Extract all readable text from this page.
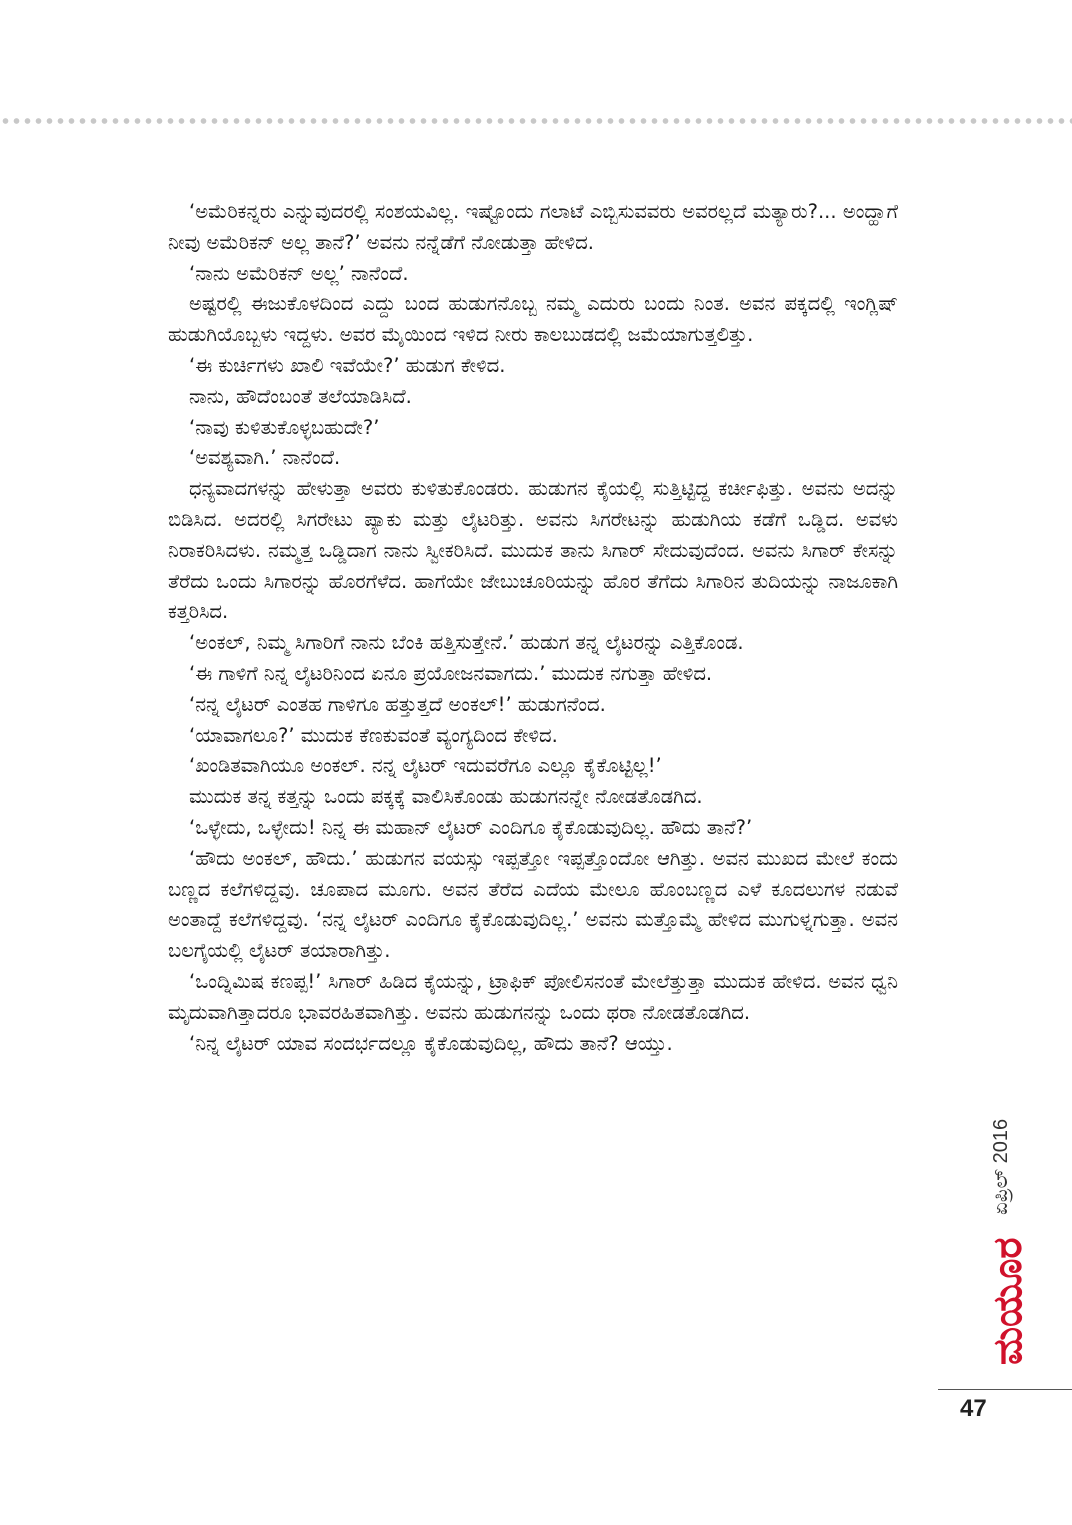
‘ಅಮೆರಿಕನ್ನರು ಎನ್ನುವುದರಲ್ಲಿ ಸಂಶಯವಿಲ್ಲ. ಇಷ್ಟೊಂದು ಗಲಾಟೆ ಎಬ್ಬಿಸುವವರು ಅವರಲ್ಲದೆ ಮತ್ಯಾರು?... ಅಂದ್ಹಾಗೆ ನೀವು ಅಮೆರಿಕನ್ ಅಲ್ಲ ತಾನೆ?’ ಅವನು ನನ್ನೆಡೆಗೆ ನೋಡುತ್ತಾ ಹೇಳಿದ.

‘ನಾನು ಅಮೆರಿಕನ್ ಅಲ್ಲ’ ನಾನೆಂದೆ.

ಅಷ್ಟರಲ್ಲಿ ಈಜುಕೊಳದಿಂದ ಎದ್ದು ಬಂದ ಹುಡುಗನೊಬ್ಬ ನಮ್ಮ ಎದುರು ಬಂದು ನಿಂತ. ಅವನ ಪಕ್ಕದಲ್ಲಿ ಇಂಗ್ಲಿಷ್ ಹುಡುಗಿಯೊಬ್ಬಳು ಇದ್ದಳು. ಅವರ ಮೈಯಿಂದ ಇಳಿದ ನೀರು ಕಾಲಬುಡದಲ್ಲಿ ಜಮೆಯಾಗುತ್ತಲಿತ್ತು.

‘ಈ ಕುರ್ಚಿಗಳು ಖಾಲಿ ಇವೆಯೇ?’ ಹುಡುಗ ಕೇಳಿದ.

ನಾನು, ಹೌದೆಂಬಂತೆ ತಲೆಯಾಡಿಸಿದೆ.

‘ನಾವು ಕುಳಿತುಕೊಳ್ಳಬಹುದೇ?’

‘ಅವಶ್ಯವಾಗಿ.’ ನಾನೆಂದೆ.

ಧನ್ಯವಾದಗಳನ್ನು ಹೇಳುತ್ತಾ ಅವರು ಕುಳಿತುಕೊಂಡರು. ಹುಡುಗನ ಕೈಯಲ್ಲಿ ಸುತ್ತಿಟ್ಟಿದ್ದ ಕರ್ಚೀಫಿತ್ತು. ಅವನು ಅದನ್ನು ಬಿಡಿಸಿದ. ಅದರಲ್ಲಿ ಸಿಗರೇಟು ಪ್ಯಾಕು ಮತ್ತು ಲೈಟರಿತ್ತು. ಅವನು ಸಿಗರೇಟನ್ನು ಹುಡುಗಿಯ ಕಡೆಗೆ ಒಡ್ಡಿದ. ಅವಳು ನಿರಾಕರಿಸಿದಳು. ನಮ್ಮತ್ತ ಒಡ್ಡಿದಾಗ ನಾನು ಸ್ವೀಕರಿಸಿದೆ. ಮುದುಕ ತಾನು ಸಿಗಾರ್ ಸೇದುವುದೆಂದ. ಅವನು ಸಿಗಾರ್ ಕೇಸನ್ನು ತೆರೆದು ಒಂದು ಸಿಗಾರನ್ನು ಹೊರಗೆಳೆದ. ಹಾಗೆಯೇ ಜೇಬುಚೂರಿಯನ್ನು ಹೊರ ತೆಗೆದು ಸಿಗಾರಿನ ತುದಿಯನ್ನು ನಾಜೂಕಾಗಿ ಕತ್ತರಿಸಿದ.

‘ಅಂಕಲ್, ನಿಮ್ಮ ಸಿಗಾರಿಗೆ ನಾನು ಬೆಂಕಿ ಹತ್ತಿಸುತ್ತೇನೆ.’ ಹುಡುಗ ತನ್ನ ಲೈಟರನ್ನು ಎತ್ತಿಕೊಂಡ.

‘ಈ ಗಾಳಿಗೆ ನಿನ್ನ ಲೈಟರಿನಿಂದ ಏನೂ ಪ್ರಯೋಜನವಾಗದು.’ ಮುದುಕ ನಗುತ್ತಾ ಹೇಳಿದ.

‘ನನ್ನ ಲೈಟರ್ ಎಂತಹ ಗಾಳಿಗೂ ಹತ್ತುತ್ತದೆ ಅಂಕಲ್!’ ಹುಡುಗನೆಂದ.

‘ಯಾವಾಗಲೂ?’ ಮುದುಕ ಕೆಣಕುವಂತೆ ವ್ಯಂಗ್ಯದಿಂದ ಕೇಳಿದ.

‘ಖಂಡಿತವಾಗಿಯೂ ಅಂಕಲ್. ನನ್ನ ಲೈಟರ್ ಇದುವರೆಗೂ ಎಲ್ಲೂ ಕೈಕೊಟ್ಟಿಲ್ಲ!’

ಮುದುಕ ತನ್ನ ಕತ್ತನ್ನು ಒಂದು ಪಕ್ಕಕ್ಕೆ ವಾಲಿಸಿಕೊಂಡು ಹುಡುಗನನ್ನೇ ನೋಡತೊಡಗಿದ.

‘ಒಳ್ಳೇದು, ಒಳ್ಳೇದು! ನಿನ್ನ ಈ ಮಹಾನ್ ಲೈಟರ್ ಎಂದಿಗೂ ಕೈಕೊಡುವುದಿಲ್ಲ. ಹೌದು ತಾನೆ?’

‘ಹೌದು ಅಂಕಲ್, ಹೌದು.’ ಹುಡುಗನ ವಯಸ್ಸು ಇಪ್ಪತ್ತೋ ಇಪ್ಪತ್ತೊಂದೋ ಆಗಿತ್ತು. ಅವನ ಮುಖದ ಮೇಲೆ ಕಂದು ಬಣ್ಣದ ಕಲೆಗಳಿದ್ದವು. ಚೂಪಾದ ಮೂಗು. ಅವನ ತೆರೆದ ಎದೆಯ ಮೇಲೂ ಹೊಂಬಣ್ಣದ ಎಳೆ ಕೂದಲುಗಳ ನಡುವೆ ಅಂತಾದ್ದೆ ಕಲೆಗಳಿದ್ದವು. ‘ನನ್ನ ಲೈಟರ್ ಎಂದಿಗೂ ಕೈಕೊಡುವುದಿಲ್ಲ.’ ಅವನು ಮತ್ತೊಮ್ಮೆ ಹೇಳಿದ ಮುಗುಳ್ನಗುತ್ತಾ. ಅವನ ಬಲಗೈಯಲ್ಲಿ ಲೈಟರ್ ತಯಾರಾಗಿತ್ತು.

‘ಒಂದ್ನಿಮಿಷ ಕಣಪ್ಪ!’ ಸಿಗಾರ್ ಹಿಡಿದ ಕೈಯನ್ನು, ಟ್ರಾಫಿಕ್ ಪೋಲಿಸನಂತೆ ಮೇಲೆತ್ತುತ್ತಾ ಮುದುಕ ಹೇಳಿದ. ಅವನ ಧ್ವನಿ ಮೃದುವಾಗಿತ್ತಾದರೂ ಭಾವರಹಿತವಾಗಿತ್ತು. ಅವನು ಹುಡುಗನನ್ನು ಒಂದು ಥರಾ ನೋಡತೊಡಗಿದ.

‘ನಿನ್ನ ಲೈಟರ್ ಯಾವ ಸಂದರ್ಭದಲ್ಲೂ ಕೈಕೊಡುವುದಿಲ್ಲ, ಹೌದು ತಾನೆ? ಆಯ್ತು.

ಏಪ್ರಿಲ್ 2016
ಮಯೂರ
47
